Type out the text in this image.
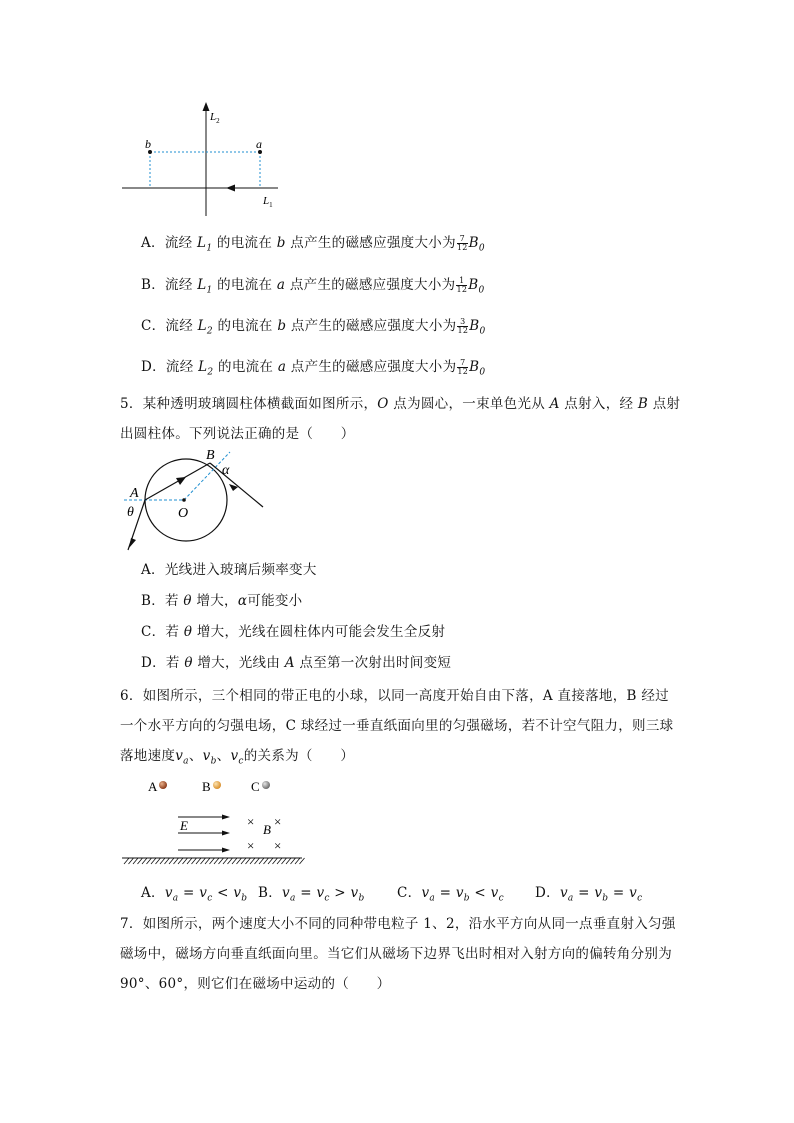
b	a
$L_2$
$L_1$
A．流经 $L_1$ 的电流在 b 点产生的磁感应强度大小为 $\frac{7}{12} B_0$
B．流经 $L_1$ 的电流在 a 点产生的磁感应强度大小为 $\frac{1}{12} B_0$
C．流经 $L_2$ 的电流在 b 点产生的磁感应强度大小为 $\frac{3}{12} B_0$
D．流经 $L_2$ 的电流在 a 点产生的磁感应强度大小为 $\frac{7}{12} B_0$
5．某种透明玻璃圆柱体横截面如图所示，O 点为圆心，一束单色光从 A 点射入，经 B 点射
出圆柱体。下列说法正确的是（　　）
A
B
O
θ
α
A．光线进入玻璃后频率变大
B．若 θ 增大，α可能变小
C．若 θ 增大，光线在圆柱体内可能会发生全反射
D．若 θ 增大，光线由 A 点至第一次射出时间变短
6．如图所示，三个相同的带正电的小球，以同一高度开始自由下落，A 直接落地，B 经过
一个水平方向的匀强电场，C 球经过一垂直纸面向里的匀强磁场，若不计空气阻力，则三球
落地速度$v_a$、$v_b$、$v_c$的关系为（　　）
A	B	C
E	× ×
× ×
B
A．$v_a = v_c < v_b$ B．$v_a = v_c > v_b$ C．$v_a = v_b < v_c$ D．$v_a = v_b = v_c$
7．如图所示，两个速度大小不同的同种带电粒子 1、2，沿水平方向从同一点垂直射入匀强
磁场中，磁场方向垂直纸面向里。当它们从磁场下边界飞出时相对入射方向的偏转角分别为
90°、60°，则它们在磁场中运动的（　　）
